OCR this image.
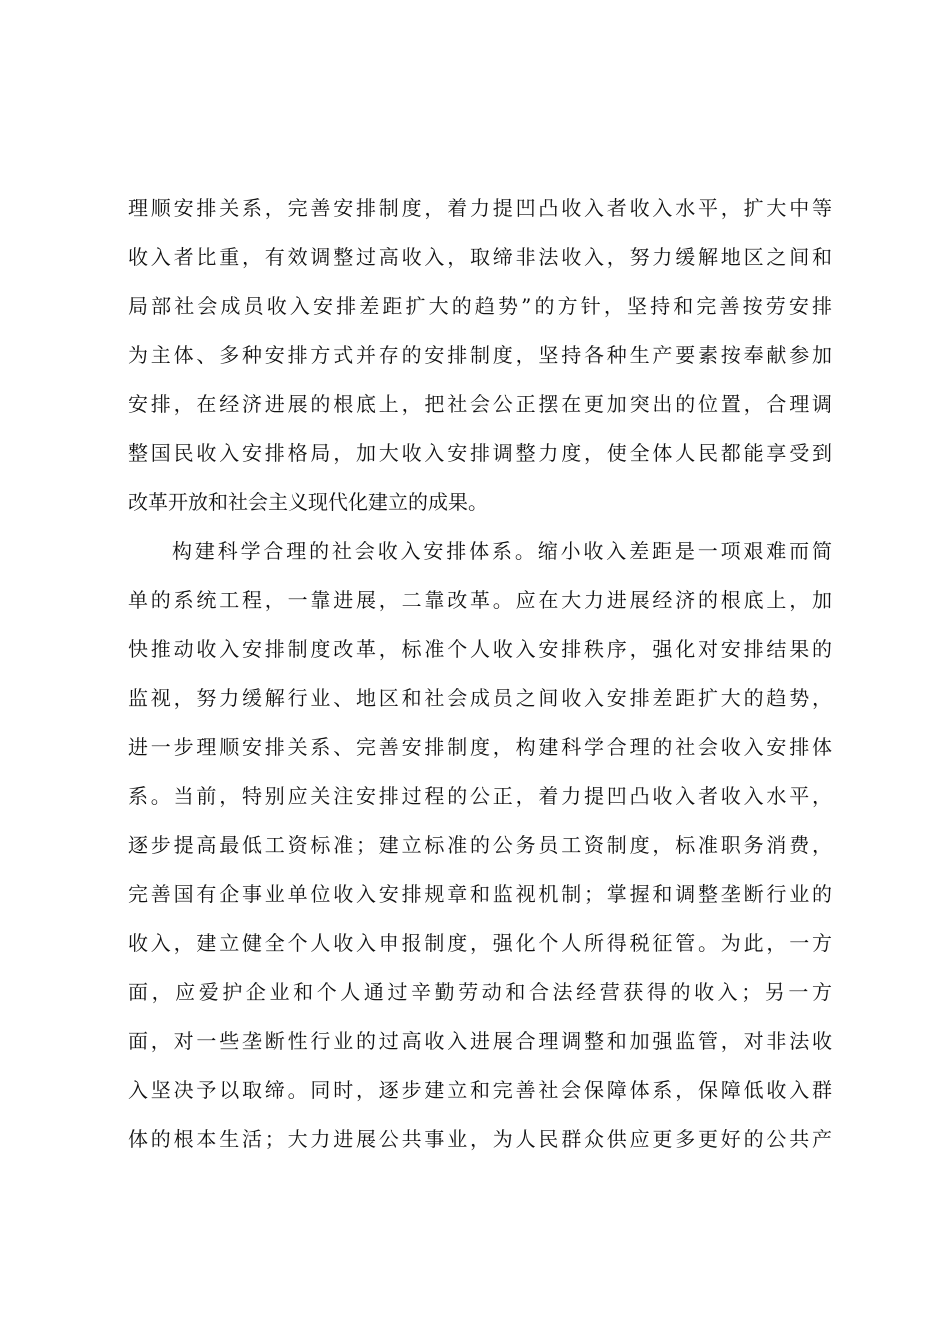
理顺安排关系，完善安排制度，着力提凹凸收入者收入水平，扩大中等
收入者比重，有效调整过高收入，取缔非法收入，努力缓解地区之间和
局部社会成员收入安排差距扩大的趋势”的方针，坚持和完善按劳安排
为主体、多种安排方式并存的安排制度，坚持各种生产要素按奉献参加
安排，在经济进展的根底上，把社会公正摆在更加突出的位置，合理调
整国民收入安排格局，加大收入安排调整力度，使全体人民都能享受到
改革开放和社会主义现代化建立的成果。
构建科学合理的社会收入安排体系。缩小收入差距是一项艰难而简
单的系统工程，一靠进展，二靠改革。应在大力进展经济的根底上，加
快推动收入安排制度改革，标准个人收入安排秩序，强化对安排结果的
监视，努力缓解行业、地区和社会成员之间收入安排差距扩大的趋势，
进一步理顺安排关系、完善安排制度，构建科学合理的社会收入安排体
系。当前，特别应关注安排过程的公正，着力提凹凸收入者收入水平，
逐步提高最低工资标准；建立标准的公务员工资制度，标准职务消费，
完善国有企事业单位收入安排规章和监视机制；掌握和调整垄断行业的
收入，建立健全个人收入申报制度，强化个人所得税征管。为此，一方
面，应爱护企业和个人通过辛勤劳动和合法经营获得的收入；另一方
面，对一些垄断性行业的过高收入进展合理调整和加强监管，对非法收
入坚决予以取缔。同时，逐步建立和完善社会保障体系，保障低收入群
体的根本生活；大力进展公共事业，为人民群众供应更多更好的公共产
